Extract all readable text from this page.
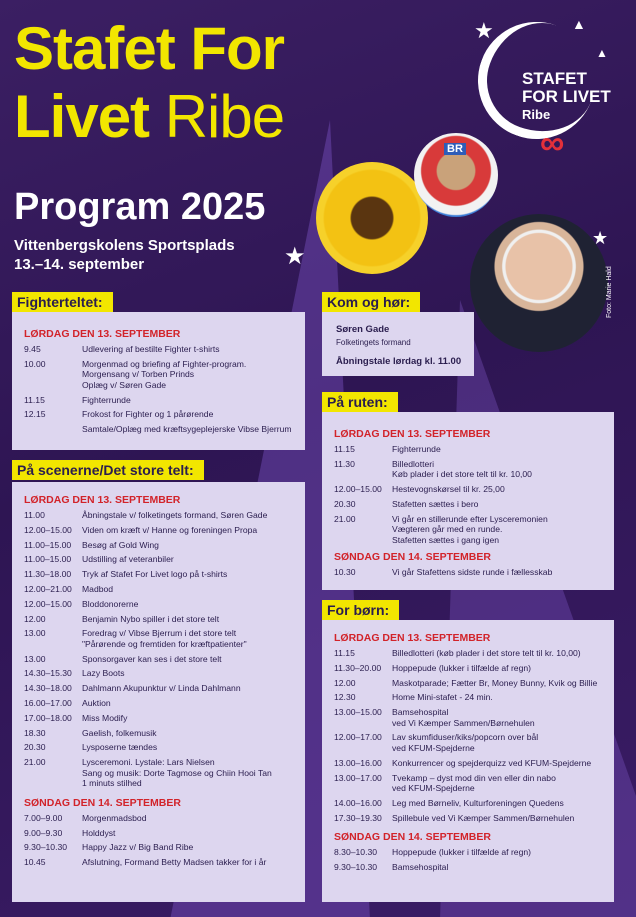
Stafet For
Livet Ribe
Program 2025
Vittenbergskolens Sportsplads
13.–14. september
★	▲
▲
★
★
STAFET
FOR LIVET
Ribe
∞
BR
Foto: Marie Hald
LØRDAG DEN 13. SEPTEMBER
9.45	Udlevering af bestilte Fighter t-shirts
10.00	Morgenmad og briefing af Fighter-program.
Morgensang v/ Torben Prinds
Oplæg v/ Søren Gade
11.15	Fighterrunde
12.15	Frokost for Fighter og 1 pårørende
Samtale/Oplæg med kræftsygeplejerske Vibse Bjerrum
Fighterteltet:
Søren Gade
Folketingets formand
Åbningstale lørdag kl. 11.00
Kom og hør:
LØRDAG DEN 13. SEPTEMBER
11.15	Fighterrunde
11.30	Billedlotteri
Køb plader i det store telt til kr. 10,00
12.00–15.00	Hestevognskørsel til kr. 25,00
20.30	Stafetten sættes i bero
21.00	Vi går en stillerunde efter Lysceremonien
Vægteren går med en runde.
Stafetten sættes i gang igen
SØNDAG DEN 14. SEPTEMBER
10.30	Vi går Stafettens sidste runde i fællesskab
På ruten:
LØRDAG DEN 13. SEPTEMBER
11.00	Åbningstale v/ folketingets formand, Søren Gade
12.00–15.00	Viden om kræft v/ Hanne og foreningen Propa
11.00–15.00	Besøg af Gold Wing
11.00–15.00	Udstilling af veteranbiler
11.30–18.00	Tryk af Stafet For Livet logo på t-shirts
12.00–21.00	Madbod
12.00–15.00	Bloddonorerne
12.00	Benjamin Nybo spiller i det store telt
13.00	Foredrag v/ Vibse Bjerrum i det store telt
"Pårørende og fremtiden for kræftpatienter"
13.00	Sponsorgaver kan ses i det store telt
14.30–15.30	Lazy Boots
14.30–18.00	Dahlmann Akupunktur v/ Linda Dahlmann
16.00–17.00	Auktion
17.00–18.00	Miss Modify
18.30	Gaelish, folkemusik
20.30	Lysposerne tændes
21.00	Lysceremoni. Lystale: Lars Nielsen
Sang og musik: Dorte Tagmose og Chiin Hooi Tan
1 minuts stilhed
SØNDAG DEN 14. SEPTEMBER
7.00–9.00	Morgenmadsbod
9.00–9.30	Holddyst
9.30–10.30	Happy Jazz v/ Big Band Ribe
10.45	Afslutning, Formand Betty Madsen takker for i år
På scenerne/Det store telt:
LØRDAG DEN 13. SEPTEMBER
11.15	Billedlotteri (køb plader i det store telt til kr. 10,00)
11.30–20.00	Hoppepude (lukker i tilfælde af regn)
12.00	Maskotparade; Fætter Br, Money Bunny, Kvik og Billie
12.30	Home Mini-stafet - 24 min.
13.00–15.00	Bamsehospital
ved Vi Kæmper Sammen/Børnehulen
12.00–17.00	Lav skumfiduser/kiks/popcorn over bål
ved KFUM-Spejderne
13.00–16.00	Konkurrencer og spejderquizz ved KFUM-Spejderne
13.00–17.00	Tvekamp – dyst mod din ven eller din nabo
ved KFUM-Spejderne
14.00–16.00	Leg med Børneliv, Kulturforeningen Quedens
17.30–19.30	Spillebule ved Vi Kæmper Sammen/Børnehulen
SØNDAG DEN 14. SEPTEMBER
8.30–10.30	Hoppepude (lukker i tilfælde af regn)
9.30–10.30	Bamsehospital
For børn:
